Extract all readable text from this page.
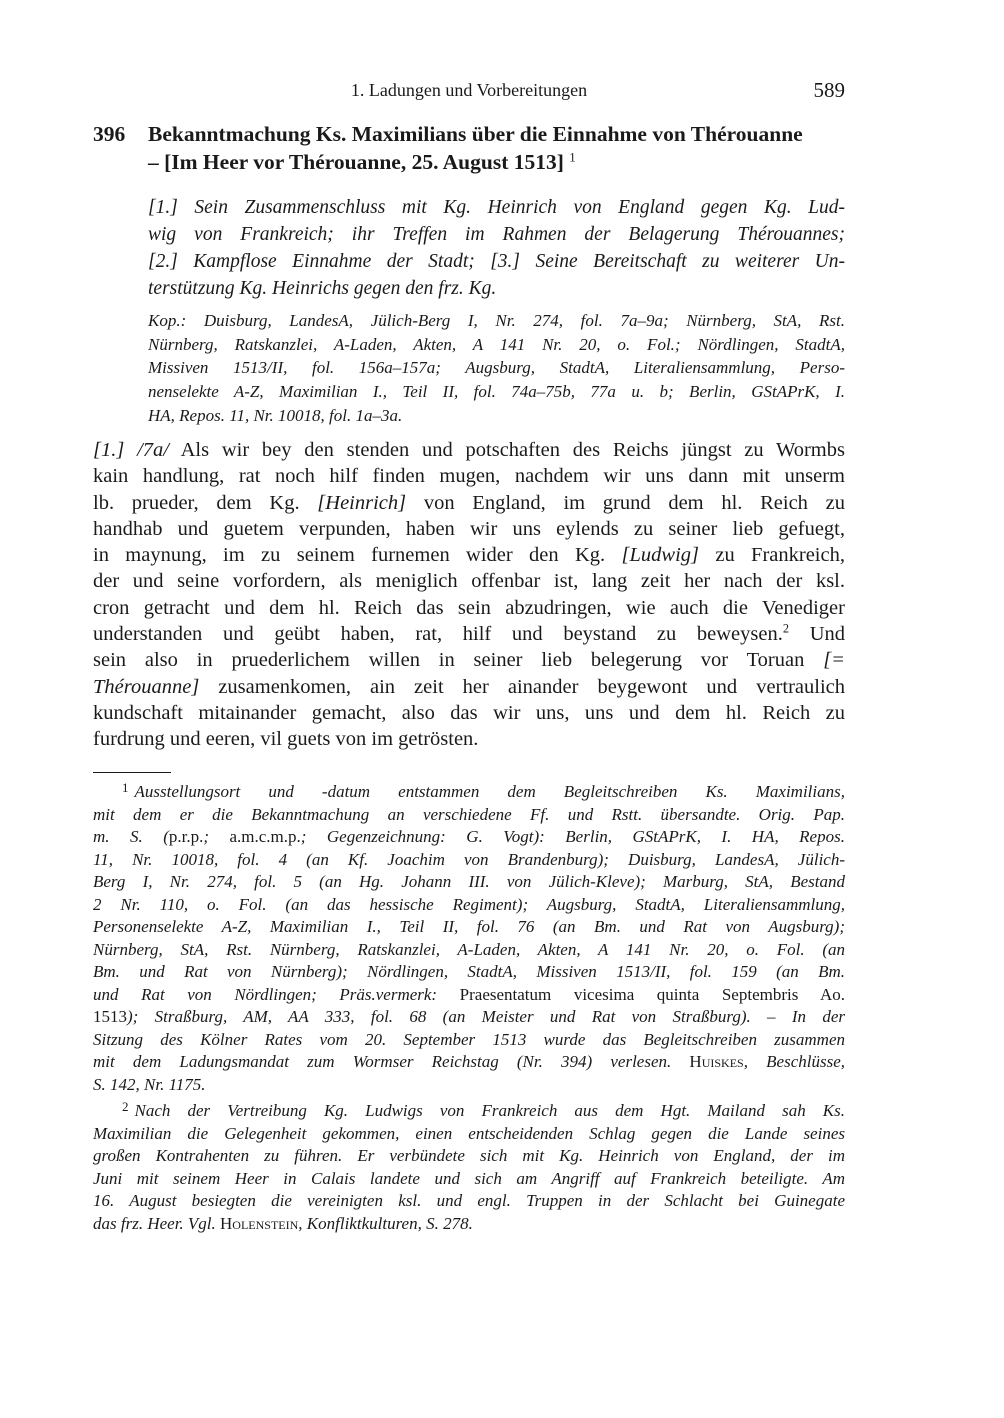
1. Ladungen und Vorbereitungen	589
396 Bekanntmachung Ks. Maximilians über die Einnahme von Thérouanne
– [Im Heer vor Thérouanne, 25. August 1513] $^1$
[1.] Sein Zusammenschluss mit Kg. Heinrich von England gegen Kg. Lud-
wig von Frankreich; ihr Treffen im Rahmen der Belagerung Thérouannes;
[2.] Kampflose Einnahme der Stadt; [3.] Seine Bereitschaft zu weiterer Un-
terstützung Kg. Heinrichs gegen den frz. Kg.
Kop.: Duisburg, LandesA, Jülich-Berg I, Nr. 274, fol. 7a–9a; Nürnberg, StA, Rst.
Nürnberg, Ratskanzlei, A-Laden, Akten, A 141 Nr. 20, o. Fol.; Nördlingen, StadtA,
Missiven 1513/II, fol. 156a–157a; Augsburg, StadtA, Literaliensammlung, Perso-
nenselekte A-Z, Maximilian I., Teil II, fol. 74a–75b, 77a u. b; Berlin, GStAPrK, I.
HA, Repos. 11, Nr. 10018, fol. 1a–3a.
[1.] /7a/ Als wir bey den stenden und potschaften des Reichs jüngst zu Wormbs
kain handlung, rat noch hilf finden mugen, nachdem wir uns dann mit unserm
lb. prueder, dem Kg. [Heinrich] von England, im grund dem hl. Reich zu
handhab und guetem verpunden, haben wir uns eylends zu seiner lieb gefuegt,
in maynung, im zu seinem furnemen wider den Kg. [Ludwig] zu Frankreich,
der und seine vorfordern, als meniglich offenbar ist, lang zeit her nach der ksl.
cron getracht und dem hl. Reich das sein abzudringen, wie auch die Venediger
understanden und geübt haben, rat, hilf und beystand zu beweysen.$^2$ Und
sein also in pruederlichem willen in seiner lieb belegerung vor Toruan [=
Thérouanne] zusamenkomen, ain zeit her ainander beygewont und vertraulich
kundschaft mitainander gemacht, also das wir uns, uns und dem hl. Reich zu
furdrung und eeren, vil guets von im getrösten.
$^1$ Ausstellungsort und -datum entstammen dem Begleitschreiben Ks. Maximilians,
mit dem er die Bekanntmachung an verschiedene Ff. und Rstt. übersandte. Orig. Pap.
m. S. (p.r.p.; a.m.c.m.p.; Gegenzeichnung: G. Vogt): Berlin, GStAPrK, I. HA, Repos.
11, Nr. 10018, fol. 4 (an Kf. Joachim von Brandenburg); Duisburg, LandesA, Jülich-
Berg I, Nr. 274, fol. 5 (an Hg. Johann III. von Jülich-Kleve); Marburg, StA, Bestand
2 Nr. 110, o. Fol. (an das hessische Regiment); Augsburg, StadtA, Literaliensammlung,
Personenselekte A-Z, Maximilian I., Teil II, fol. 76 (an Bm. und Rat von Augsburg);
Nürnberg, StA, Rst. Nürnberg, Ratskanzlei, A-Laden, Akten, A 141 Nr. 20, o. Fol. (an
Bm. und Rat von Nürnberg); Nördlingen, StadtA, Missiven 1513/II, fol. 159 (an Bm.
und Rat von Nördlingen; Präs.vermerk: Praesentatum vicesima quinta Septembris Ao.
1513); Straßburg, AM, AA 333, fol. 68 (an Meister und Rat von Straßburg). – In der
Sitzung des Kölner Rates vom 20. September 1513 wurde das Begleitschreiben zusammen
mit dem Ladungsmandat zum Wormser Reichstag (Nr. 394) verlesen. Huiskes, Beschlüsse,
S. 142, Nr. 1175.
$^2$ Nach der Vertreibung Kg. Ludwigs von Frankreich aus dem Hgt. Mailand sah Ks.
Maximilian die Gelegenheit gekommen, einen entscheidenden Schlag gegen die Lande seines
großen Kontrahenten zu führen. Er verbündete sich mit Kg. Heinrich von England, der im
Juni mit seinem Heer in Calais landete und sich am Angriff auf Frankreich beteiligte. Am
16. August besiegten die vereinigten ksl. und engl. Truppen in der Schlacht bei Guinegate
das frz. Heer. Vgl. Holenstein, Konfliktkulturen, S. 278.
